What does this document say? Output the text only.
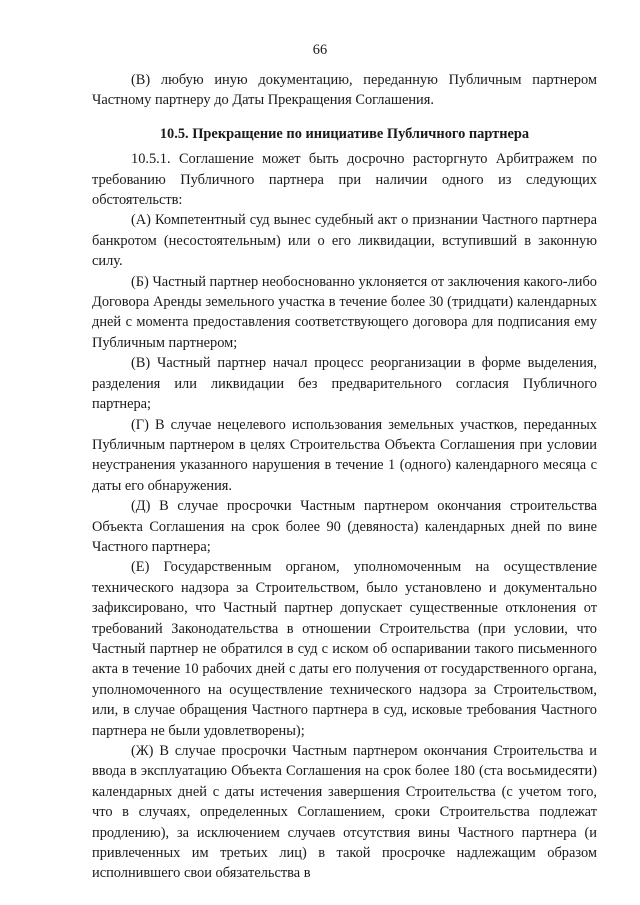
66

(В) любую иную документацию, переданную Публичным партнером Частному партнеру до Даты Прекращения Соглашения.

10.5. Прекращение по инициативе Публичного партнера

10.5.1. Соглашение может быть досрочно расторгнуто Арбитражем по требованию Публичного партнера при наличии одного из следующих обстоятельств:

(А) Компетентный суд вынес судебный акт о признании Частного партнера банкротом (несостоятельным) или о его ликвидации, вступивший в законную силу.

(Б) Частный партнер необоснованно уклоняется от заключения какого-либо Договора Аренды земельного участка в течение более 30 (тридцати) календарных дней с момента предоставления соответствующего договора для подписания ему Публичным партнером;

(В) Частный партнер начал процесс реорганизации в форме выделения, разделения или ликвидации без предварительного согласия Публичного партнера;

(Г) В случае нецелевого использования земельных участков, переданных Публичным партнером в целях Строительства Объекта Соглашения при условии неустранения указанного нарушения в течение 1 (одного) календарного месяца с даты его обнаружения.

(Д) В случае просрочки Частным партнером окончания строительства Объекта Соглашения на срок более 90 (девяноста) календарных дней по вине Частного партнера;

(Е) Государственным органом, уполномоченным на осуществление технического надзора за Строительством, было установлено и документально зафиксировано, что Частный партнер допускает существенные отклонения от требований Законодательства в отношении Строительства (при условии, что Частный партнер не обратился в суд с иском об оспаривании такого письменного акта в течение 10 рабочих дней с даты его получения от государственного органа, уполномоченного на осуществление технического надзора за Строительством, или, в случае обращения Частного партнера в суд, исковые требования Частного партнера не были удовлетворены);

(Ж) В случае просрочки Частным партнером окончания Строительства и ввода в эксплуатацию Объекта Соглашения на срок более 180 (ста восьмидесяти) календарных дней с даты истечения завершения Строительства (с учетом того, что в случаях, определенных Соглашением, сроки Строительства подлежат продлению), за исключением случаев отсутствия вины Частного партнера (и привлеченных им третьих лиц) в такой просрочке надлежащим образом исполнившего свои обязательства в
